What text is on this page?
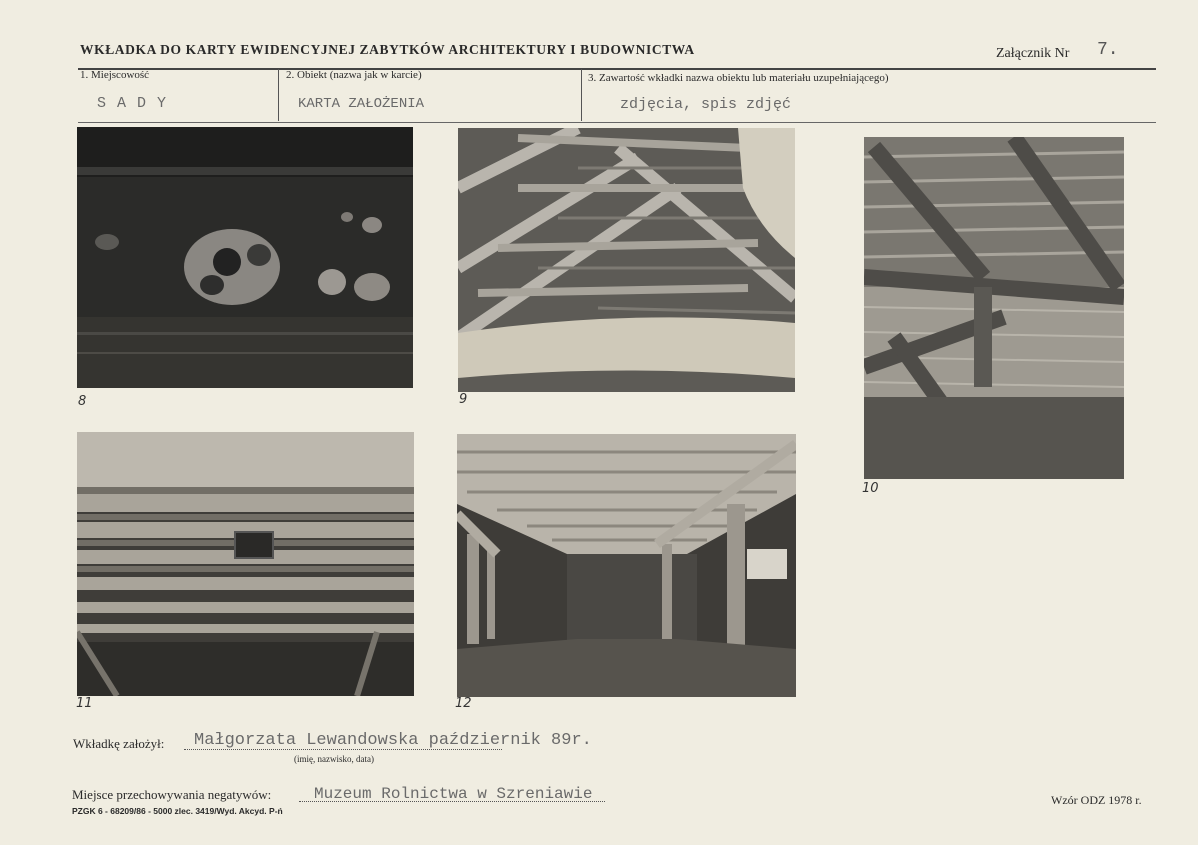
WKŁADKA DO KARTY EWIDENCYJNEJ ZABYTKÓW ARCHITEKTURY I BUDOWNICTWA	Załącznik Nr 7.
1. Miejscowość
S A D Y
2. Obiekt (nazwa jak w karcie)
KARTA ZAŁOŻENIA
3. Zawartość wkładki nazwa obiektu lub materiału uzupełniającego)
zdjęcia, spis zdjęć
8	9
10
11	12
Wkładkę założył: Małgorzata Lewandowska październik 89r.
(imię, nazwisko, data)
Miejsce przechowywania negatywów:	Muzeum Rolnictwa w Szreniawie
PZGK 6 - 68209/86 - 5000 zlec. 3419/Wyd. Akcyd. P-ń
Wzór ODZ 1978 r.
